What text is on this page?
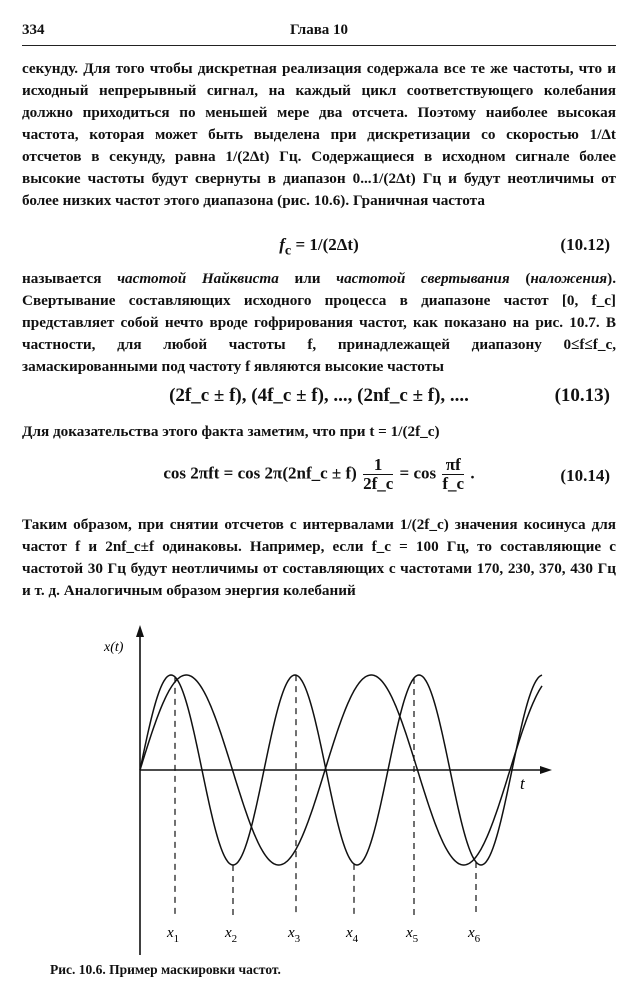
334	Глава 10
секунду. Для того чтобы дискретная реализация содержала все те же частоты, что и исходный непрерывный сигнал, на каждый цикл соответствующего колебания должно приходиться по меньшей мере два отсчета. Поэтому наиболее высокая частота, которая может быть выделена при дискретизации со скоростью 1/Δt отсчетов в секунду, равна 1/(2Δt) Гц. Содержащиеся в исходном сигнале более высокие частоты будут свернуты в диапазон 0...1/(2Δt) Гц и будут неотличимы от более низких частот этого диапазона (рис. 10.6). Граничная частота
$f_c = 1/(2\Delta t)$	(10.12)
называется частотой Найквиста или частотой свертывания (наложения). Свертывание составляющих исходного процесса в диапазоне частот [0, f_c] представляет собой нечто вроде гофрирования частот, как показано на рис. 10.7. В частности, для любой частоты f, принадлежащей диапазону 0≤f≤f_c, замаскированными под частоту f являются высокие частоты
(2f_c ± f), (4f_c ± f), ..., (2nf_c ± f), ....	(10.13)
Для доказательства этого факта заметим, что при t = 1/(2f_c)
cos 2πft = cos 2π(2nf_c ± $f) \frac{1}{2f\_c} = \cos \frac{\pi f}{f\_c}$ .	(10.14)
Таким образом, при снятии отсчетов с интервалами 1/(2f_c) значения косинуса для частот f и 2nf_c±f одинаковы. Например, если f_c = 100 Гц, то составляющие с частотой 30 Гц будут неотличимы от составляющих с частотами 170, 230, 370, 430 Гц и т. д. Аналогичным образом энергия колебаний
x(t)
t
$x_1$	$x_2$	$x_3$	$x_4$	$x_5$	$x_6$
Рис. 10.6. Пример маскировки частот.
